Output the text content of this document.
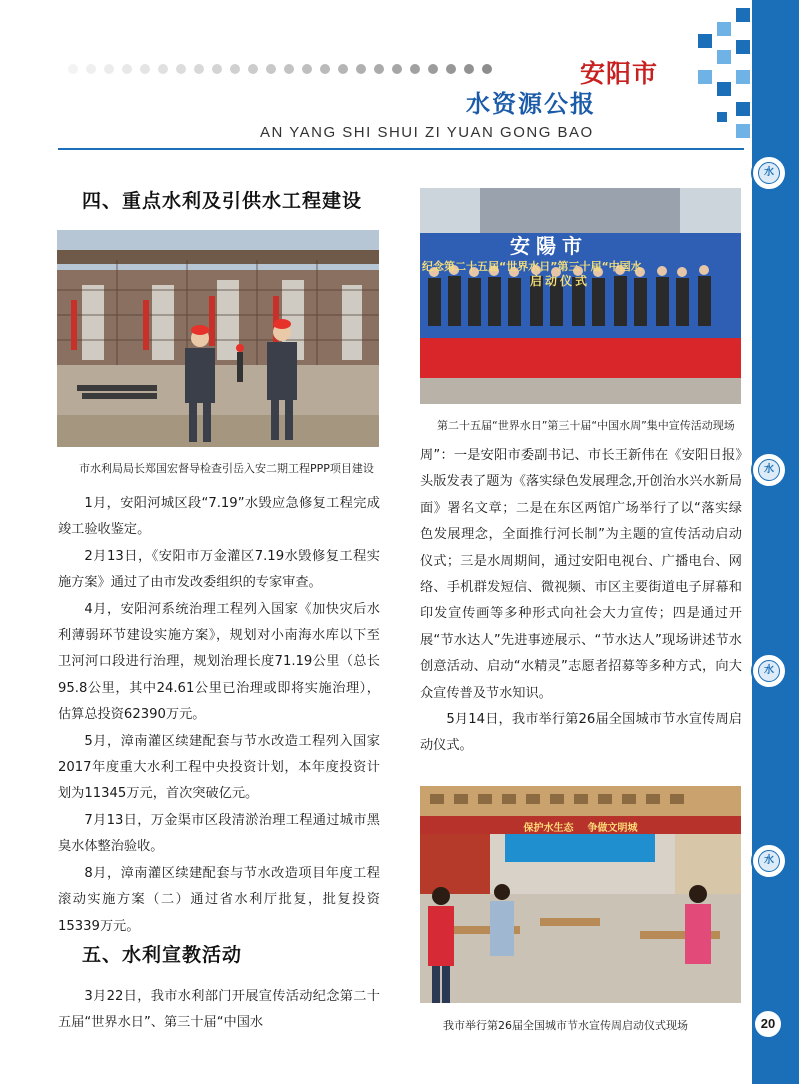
水
水
水
水
安阳市
水资源公报
AN YANG SHI SHUI ZI YUAN GONG BAO
四、重点水利及引供水工程建设
市水利局局长郑国宏督导检查引岳入安二期工程PPP项目建设

1月，安阳河城区段“7.19”水毁应急修复工程完成竣工验收鉴定。

2月13日，《安阳市万金灌区7.19水毁修复工程实施方案》通过了由市发改委组织的专家审查。

4月，安阳河系统治理工程列入国家《加快灾后水利薄弱环节建设实施方案》，规划对小南海水库以下至卫河河口段进行治理，规划治理长度71.19公里（总长95.8公里，其中24.61公里已治理或即将实施治理），估算总投资62390万元。

5月，漳南灌区续建配套与节水改造工程列入国家2017年度重大水利工程中央投资计划，本年度投资计划为11345万元，首次突破亿元。

7月13日，万金渠市区段清淤治理工程通过城市黑臭水体整治验收。

8月，漳南灌区续建配套与节水改造项目年度工程滚动实施方案（二）通过省水利厅批复，批复投资15339万元。

五、水利宣教活动

3月22日，我市水利部门开展宣传活动纪念第二十五届“世界水日”、第三十届“中国水

安陽市
纪念第二十五届“世界水日”第三十届“中国水
启动仪式
第二十五届“世界水日”第三十届“中国水周”集中宣传活动现场

周”：一是安阳市委副书记、市长王新伟在《安阳日报》头版发表了题为《落实绿色发展理念,开创治水兴水新局面》署名文章；二是在东区两馆广场举行了以“落实绿色发展理念，全面推行河长制”为主题的宣传活动启动仪式；三是水周期间，通过安阳电视台、广播电台、网络、手机群发短信、微视频、市区主要街道电子屏幕和印发宣传画等多种形式向社会大力宣传；四是通过开展“节水达人”先进事迹展示、“节水达人”现场讲述节水创意活动、启动“水精灵”志愿者招募等多种方式，向大众宣传普及节水知识。

5月14日，我市举行第26届全国城市节水宣传周启动仪式。

保护水生态    争做文明城
我市举行第26届全国城市节水宣传周启动仪式现场	20
